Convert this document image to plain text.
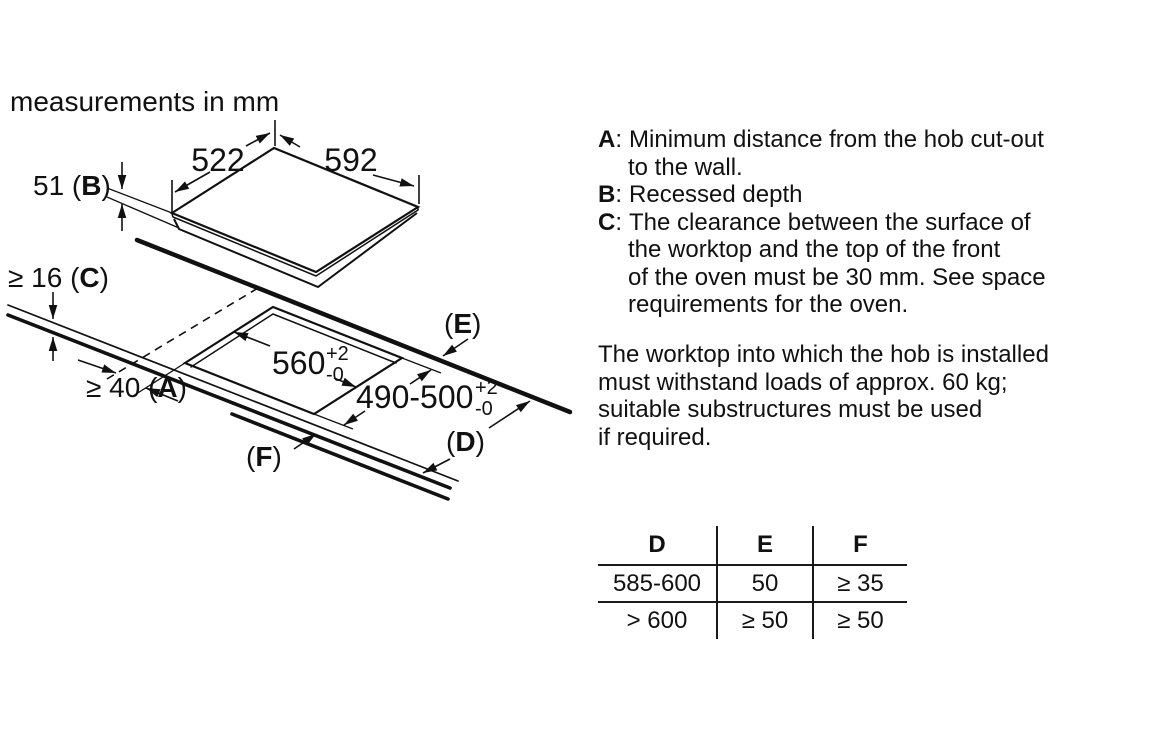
measurements in mm
522 592
51 (B)
≥ 16 (C)
≥ 40 (A)
560 +2
-0
490-500 +2
-0
(E)
(D)
(F)
A: Minimum distance from the hob cut-out
to the wall.
B: Recessed depth
C: The clearance between the surface of
the worktop and the top of the front
of the oven must be 30 mm. See space
requirements for the oven.
The worktop into which the hob is installed
must withstand loads of approx. 60 kg;
suitable substructures must be used
if required.
D	E	F
585-600	50	≥ 35
> 600	≥ 50	≥ 50
